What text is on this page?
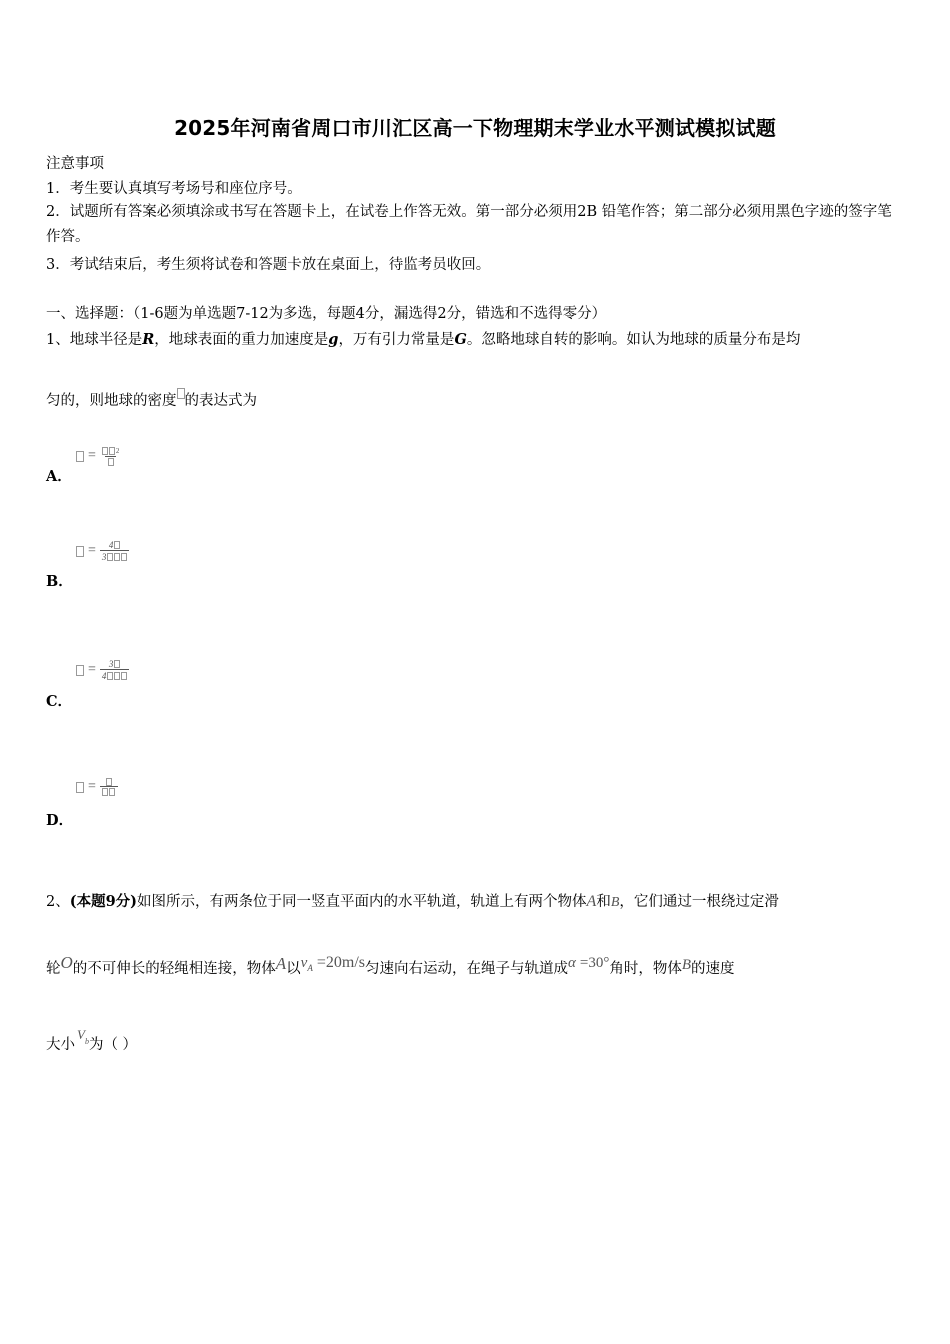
2025年河南省周口市川汇区高一下物理期末学业水平测试模拟试题
注意事项
1．考生要认真填写考场号和座位序号。
2．试题所有答案必须填涂或书写在答题卡上，在试卷上作答无效。第一部分必须用2B 铅笔作答；第二部分必须用黑色字迹的签字笔作答。
3．考试结束后，考生须将试卷和答题卡放在桌面上，待监考员收回。
一、选择题：（1-6题为单选题7-12为多选，每题4分，漏选得2分，错选和不选得零分）
1、地球半径是R，地球表面的重力加速度是g，万有引力常量是G。忽略地球自转的影响。如认为地球的质量分布是均
匀的，则地球的密度 的表达式为
=	2
A．
= $\frac{4}{3}$
B．
= $\frac{3}{4}$
C．
=
D．
2、(本题9分)如图所示，有两条位于同一竖直平面内的水平轨道，轨道上有两个物体A和B，它们通过一根绕过定滑
轮O的不可伸长的轻绳相连接，物体A以$v^A =20m/s$匀速向右运动，在绳子与轨道成α =30°角时，物体B的速度
大小$V^b$为（ ）
